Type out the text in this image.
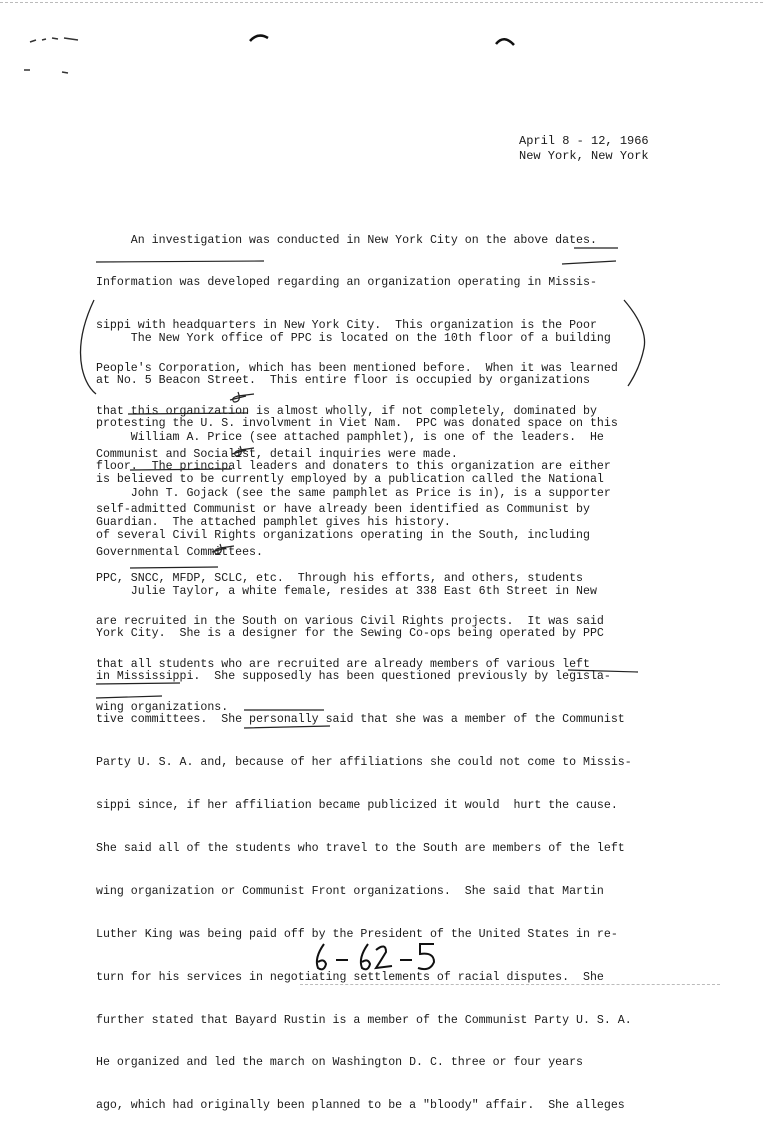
April 8 - 12, 1966
New York, New York

An investigation was conducted in New York City on the above dates.

Information was developed regarding an organization operating in Missis-

sippi with headquarters in New York City.  This organization is the Poor

People's Corporation, which has been mentioned before.  When it was learned

that this organization is almost wholly, if not completely, dominated by

Communist and Socialist, detail inquiries were made.

The New York office of PPC is located on the 10th floor of a building

at No. 5 Beacon Street.  This entire floor is occupied by organizations

protesting the U. S. involvment in Viet Nam.  PPC was donated space on this

floor.  The principal leaders and donaters to this organization are either

self-admitted Communist or have already been identified as Communist by

Governmental Committees.

William A. Price (see attached pamphlet), is one of the leaders.  He

is believed to be currently employed by a publication called the National

Guardian.  The attached pamphlet gives his history.

John T. Gojack (see the same pamphlet as Price is in), is a supporter

of several Civil Rights organizations operating in the South, including

PPC, SNCC, MFDP, SCLC, etc.  Through his efforts, and others, students

are recruited in the South on various Civil Rights projects.  It was said

that all students who are recruited are already members of various left

wing organizations.

Julie Taylor, a white female, resides at 338 East 6th Street in New

York City.  She is a designer for the Sewing Co-ops being operated by PPC

in Mississippi.  She supposedly has been questioned previously by legisla-

tive committees.  She personally said that she was a member of the Communist

Party U. S. A. and, because of her affiliations she could not come to Missis-

sippi since, if her affiliation became publicized it would  hurt the cause.

She said all of the students who travel to the South are members of the left

wing organization or Communist Front organizations.  She said that Martin

Luther King was being paid off by the President of the United States in re-

turn for his services in negotiating settlements of racial disputes.  She

further stated that Bayard Rustin is a member of the Communist Party U. S. A.

He organized and led the march on Washington D. C. three or four years

ago, which had originally been planned to be a "bloody" affair.  She alleges
